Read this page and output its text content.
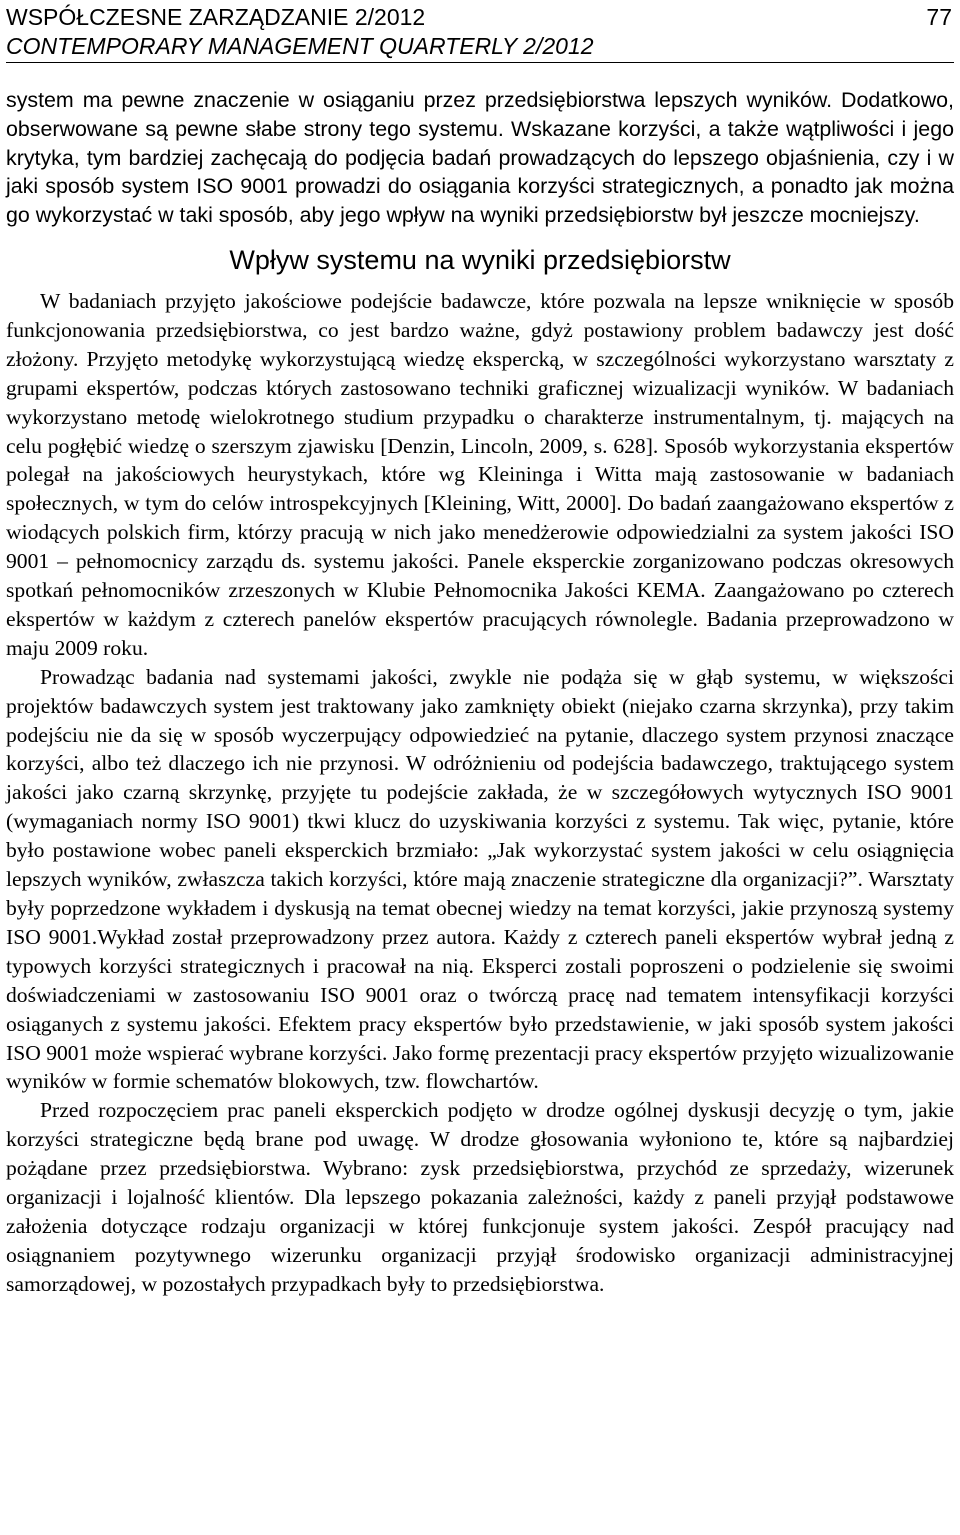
WSPÓŁCZESNE ZARZĄDZANIE 2/2012
CONTEMPORARY MANAGEMENT QUARTERLY 2/2012
77

system ma pewne znaczenie w osiąganiu przez przedsiębiorstwa lepszych wyników. Dodatkowo, obserwowane są pewne słabe strony tego systemu. Wskazane korzyści, a także wątpliwości i jego krytyka, tym bardziej zachęcają do podjęcia badań prowadzących do lepszego objaśnienia, czy i w jaki sposób system ISO 9001 prowadzi do osiągania korzyści strategicznych, a ponadto jak można go wykorzystać w taki sposób, aby jego wpływ na wyniki przedsiębiorstw był jeszcze mocniejszy.

Wpływ systemu na wyniki przedsiębiorstw

W badaniach przyjęto jakościowe podejście badawcze, które pozwala na lepsze wniknięcie w sposób funkcjonowania przedsiębiorstwa, co jest bardzo ważne, gdyż postawiony problem badawczy jest dość złożony. Przyjęto metodykę wykorzystującą wiedzę ekspercką, w szczególności wykorzystano warsztaty z grupami ekspertów, podczas których zastosowano techniki graficznej wizualizacji wyników. W badaniach wykorzystano metodę wielokrotnego studium przypadku o charakterze instrumentalnym, tj. mających na celu pogłębić wiedzę o szerszym zjawisku [Denzin, Lincoln, 2009, s. 628]. Sposób wykorzystania ekspertów polegał na jakościowych heurystykach, które wg Kleininga i Witta mają zastosowanie w badaniach społecznych, w tym do celów introspekcyjnych [Kleining, Witt, 2000]. Do badań zaangażowano ekspertów z wiodących polskich firm, którzy pracują w nich jako menedżerowie odpowiedzialni za system jakości ISO 9001 – pełnomocnicy zarządu ds. systemu jakości. Panele eksperckie zorganizowano podczas okresowych spotkań pełnomocników zrzeszonych w Klubie Pełnomocnika Jakości KEMA. Zaangażowano po czterech ekspertów w każdym z czterech panelów ekspertów pracujących równolegle. Badania przeprowadzono w maju 2009 roku.

Prowadząc badania nad systemami jakości, zwykle nie podąża się w głąb systemu, w większości projektów badawczych system jest traktowany jako zamknięty obiekt (niejako czarna skrzynka), przy takim podejściu nie da się w sposób wyczerpujący odpowiedzieć na pytanie, dlaczego system przynosi znaczące korzyści, albo też dlaczego ich nie przynosi. W odróżnieniu od podejścia badawczego, traktującego system jakości jako czarną skrzynkę, przyjęte tu podejście zakłada, że w szczegółowych wytycznych ISO 9001 (wymaganiach normy ISO 9001) tkwi klucz do uzyskiwania korzyści z systemu. Tak więc, pytanie, które było postawione wobec paneli eksperckich brzmiało: „Jak wykorzystać system jakości w celu osiągnięcia lepszych wyników, zwłaszcza takich korzyści, które mają znaczenie strategiczne dla organizacji?”. Warsztaty były poprzedzone wykładem i dyskusją na temat obecnej wiedzy na temat korzyści, jakie przynoszą systemy ISO 9001.Wykład został przeprowadzony przez autora. Każdy z czterech paneli ekspertów wybrał jedną z typowych korzyści strategicznych i pracował na nią. Eksperci zostali poproszeni o podzielenie się swoimi doświadczeniami w zastosowaniu ISO 9001 oraz o twórczą pracę nad tematem intensyfikacji korzyści osiąganych z systemu jakości. Efektem pracy ekspertów było przedstawienie, w jaki sposób system jakości ISO 9001 może wspierać wybrane korzyści. Jako formę prezentacji pracy ekspertów przyjęto wizualizowanie wyników w formie schematów blokowych, tzw. flowchartów.

Przed rozpoczęciem prac paneli eksperckich podjęto w drodze ogólnej dyskusji decyzję o tym, jakie korzyści strategiczne będą brane pod uwagę. W drodze głosowania wyłoniono te, które są najbardziej pożądane przez przedsiębiorstwa. Wybrano: zysk przedsiębiorstwa, przychód ze sprzedaży, wizerunek organizacji i lojalność klientów. Dla lepszego pokazania zależności, każdy z paneli przyjął podstawowe założenia dotyczące rodzaju organizacji w której funkcjonuje system jakości. Zespół pracujący nad osiągnaniem pozytywnego wizerunku organizacji przyjął środowisko organizacji administracyjnej samorządowej, w pozostałych przypadkach były to przedsiębiorstwa.
